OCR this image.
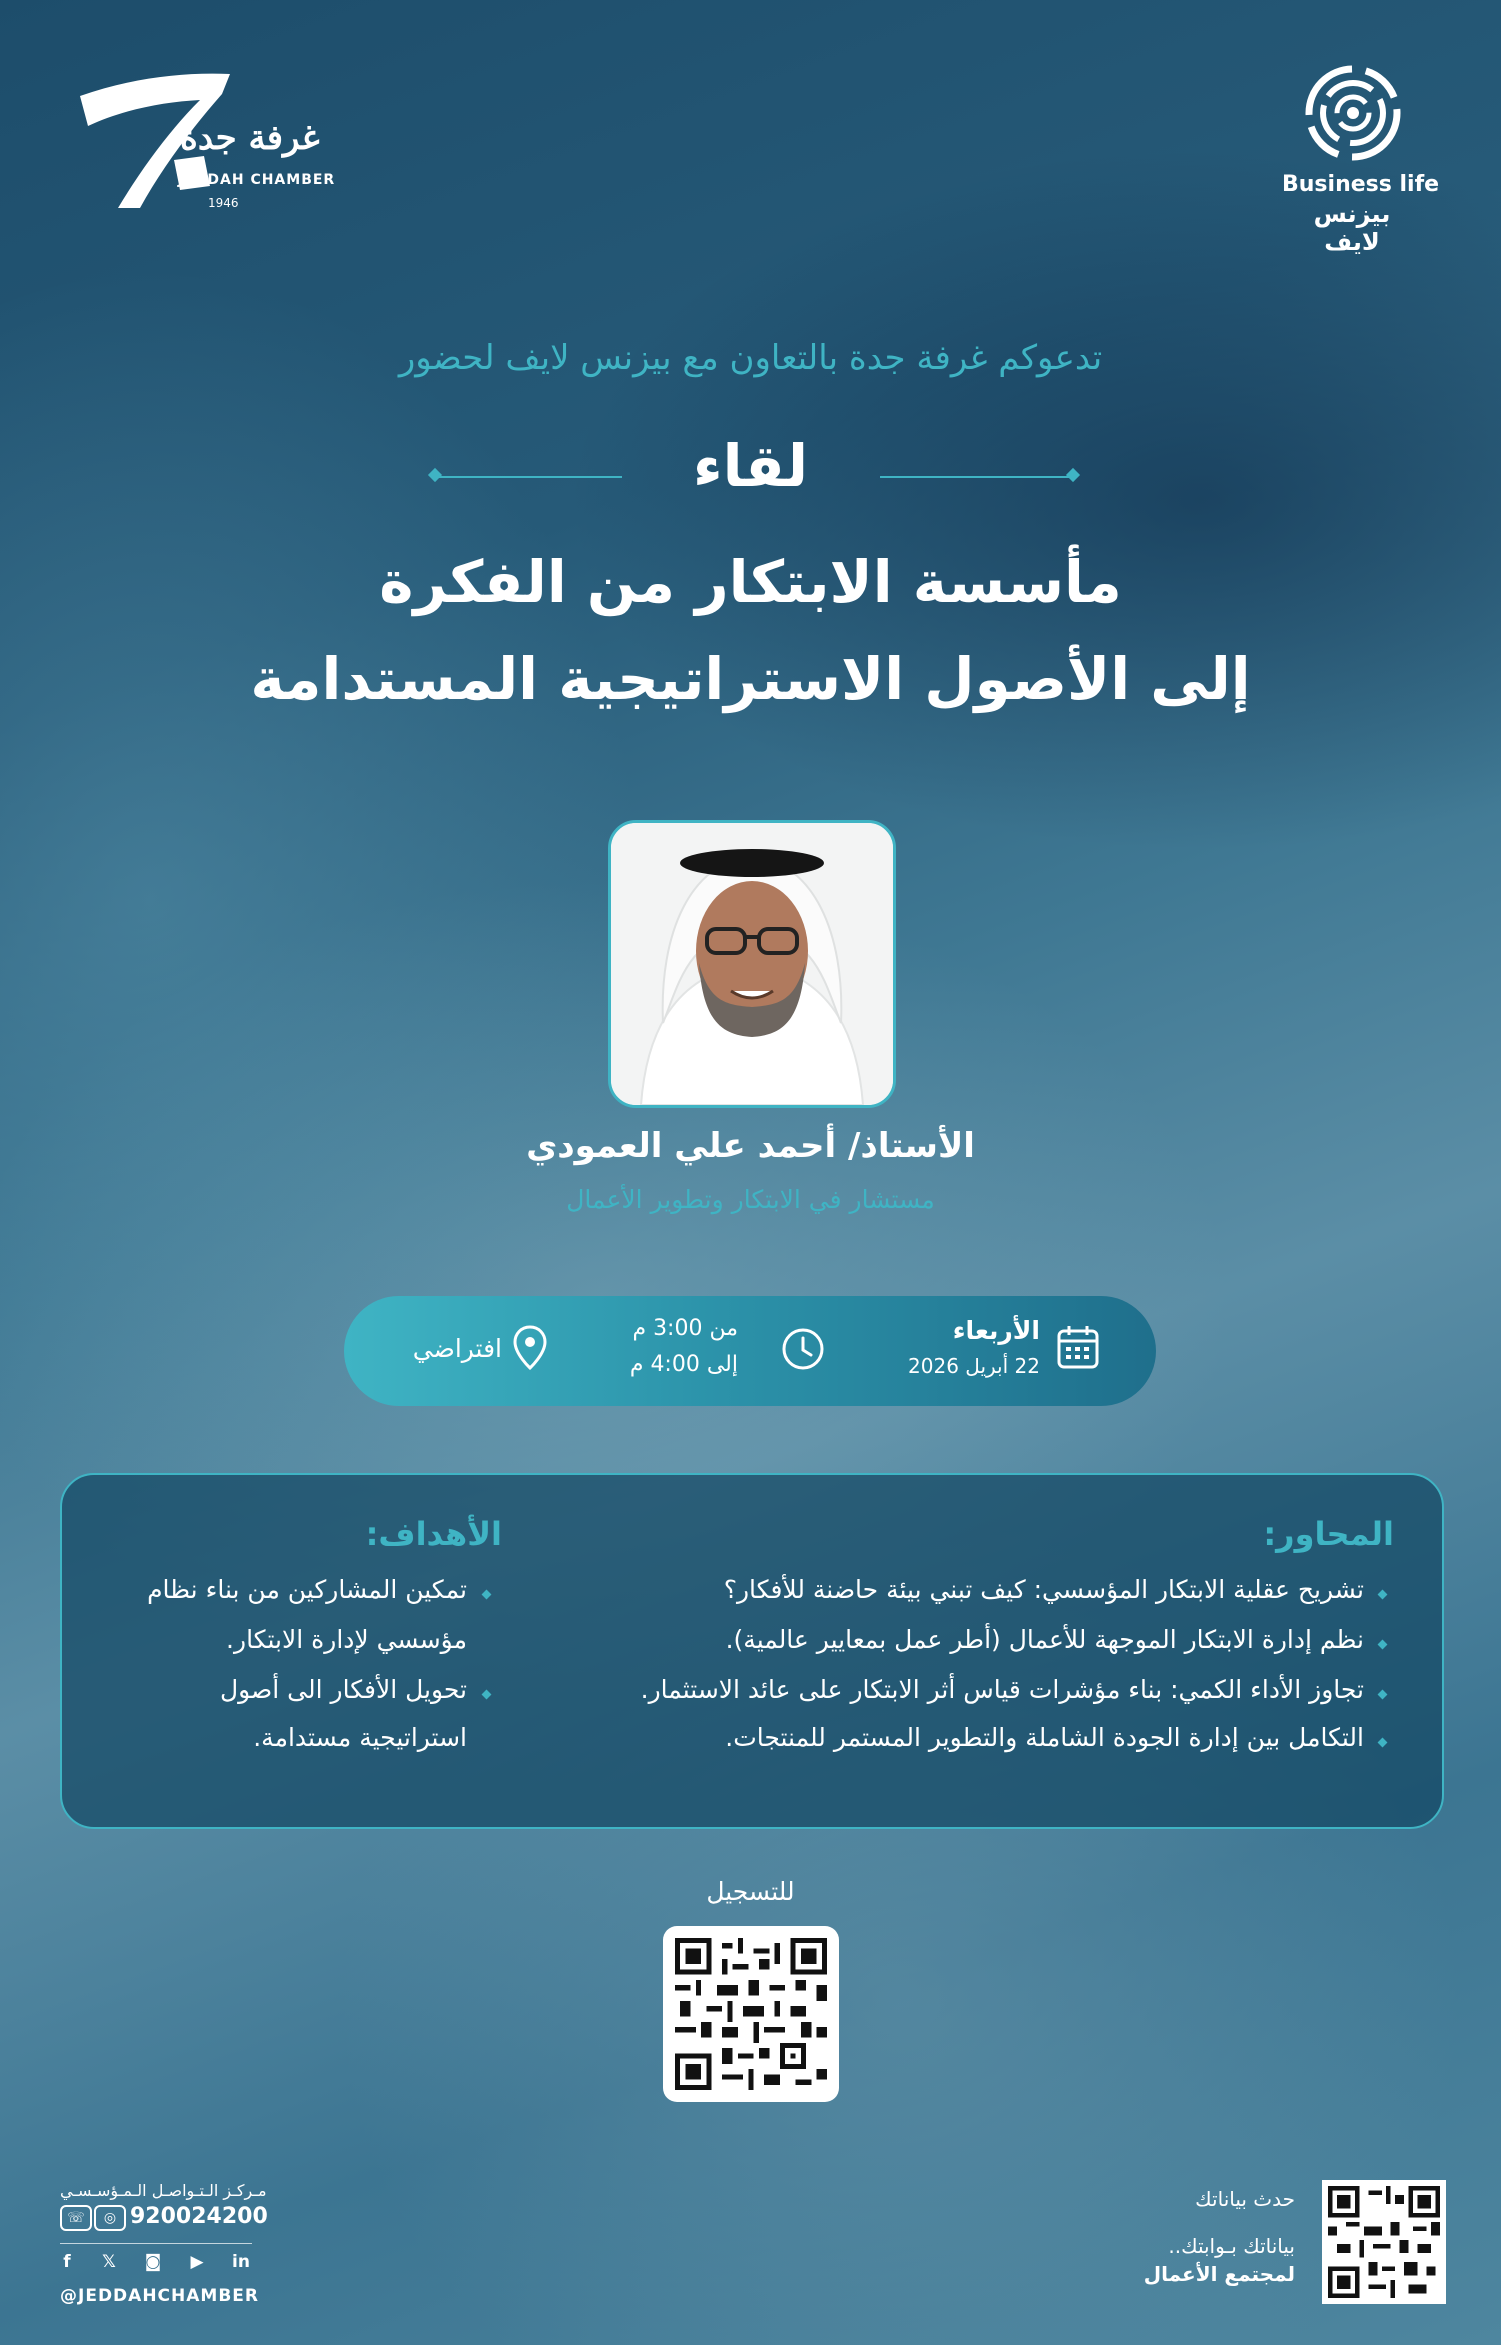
غرفة جدة
JEDDAH CHAMBER
1946
Business life
بيزنس لايف
تدعوكم غرفة جدة بالتعاون مع بيزنس لايف لحضور
لقاء
مأسسة الابتكار من الفكرة
إلى الأصول الاستراتيجية المستدامة
الأستاذ/ أحمد علي العمودي
مستشار في الابتكار وتطوير الأعمال
الأربعاء
22 أبريل 2026
من 3:00 م
إلى 4:00 م
افتراضي
المحاور:
تشريح عقلية الابتكار المؤسسي: كيف تبني بيئة حاضنة للأفكار؟
نظم إدارة الابتكار الموجهة للأعمال (أطر عمل بمعايير عالمية).
تجاوز الأداء الكمي: بناء مؤشرات قياس أثر الابتكار على عائد الاستثمار.
التكامل بين إدارة الجودة الشاملة والتطوير المستمر للمنتجات.
الأهداف:
تمكين المشاركين من بناء نظام
مؤسسي لإدارة الابتكار.
تحويل الأفكار الى أصول
استراتيجية مستدامة.
للتسجيل
مـركـز الـتـواصـل الـمـؤسـسـي
☏	◎ 920024200
f	𝕏	◙	▶	in
@JEDDAHCHAMBER
حدث بياناتك
بياناتك بـوابتك..
لمجتمع الأعمال
